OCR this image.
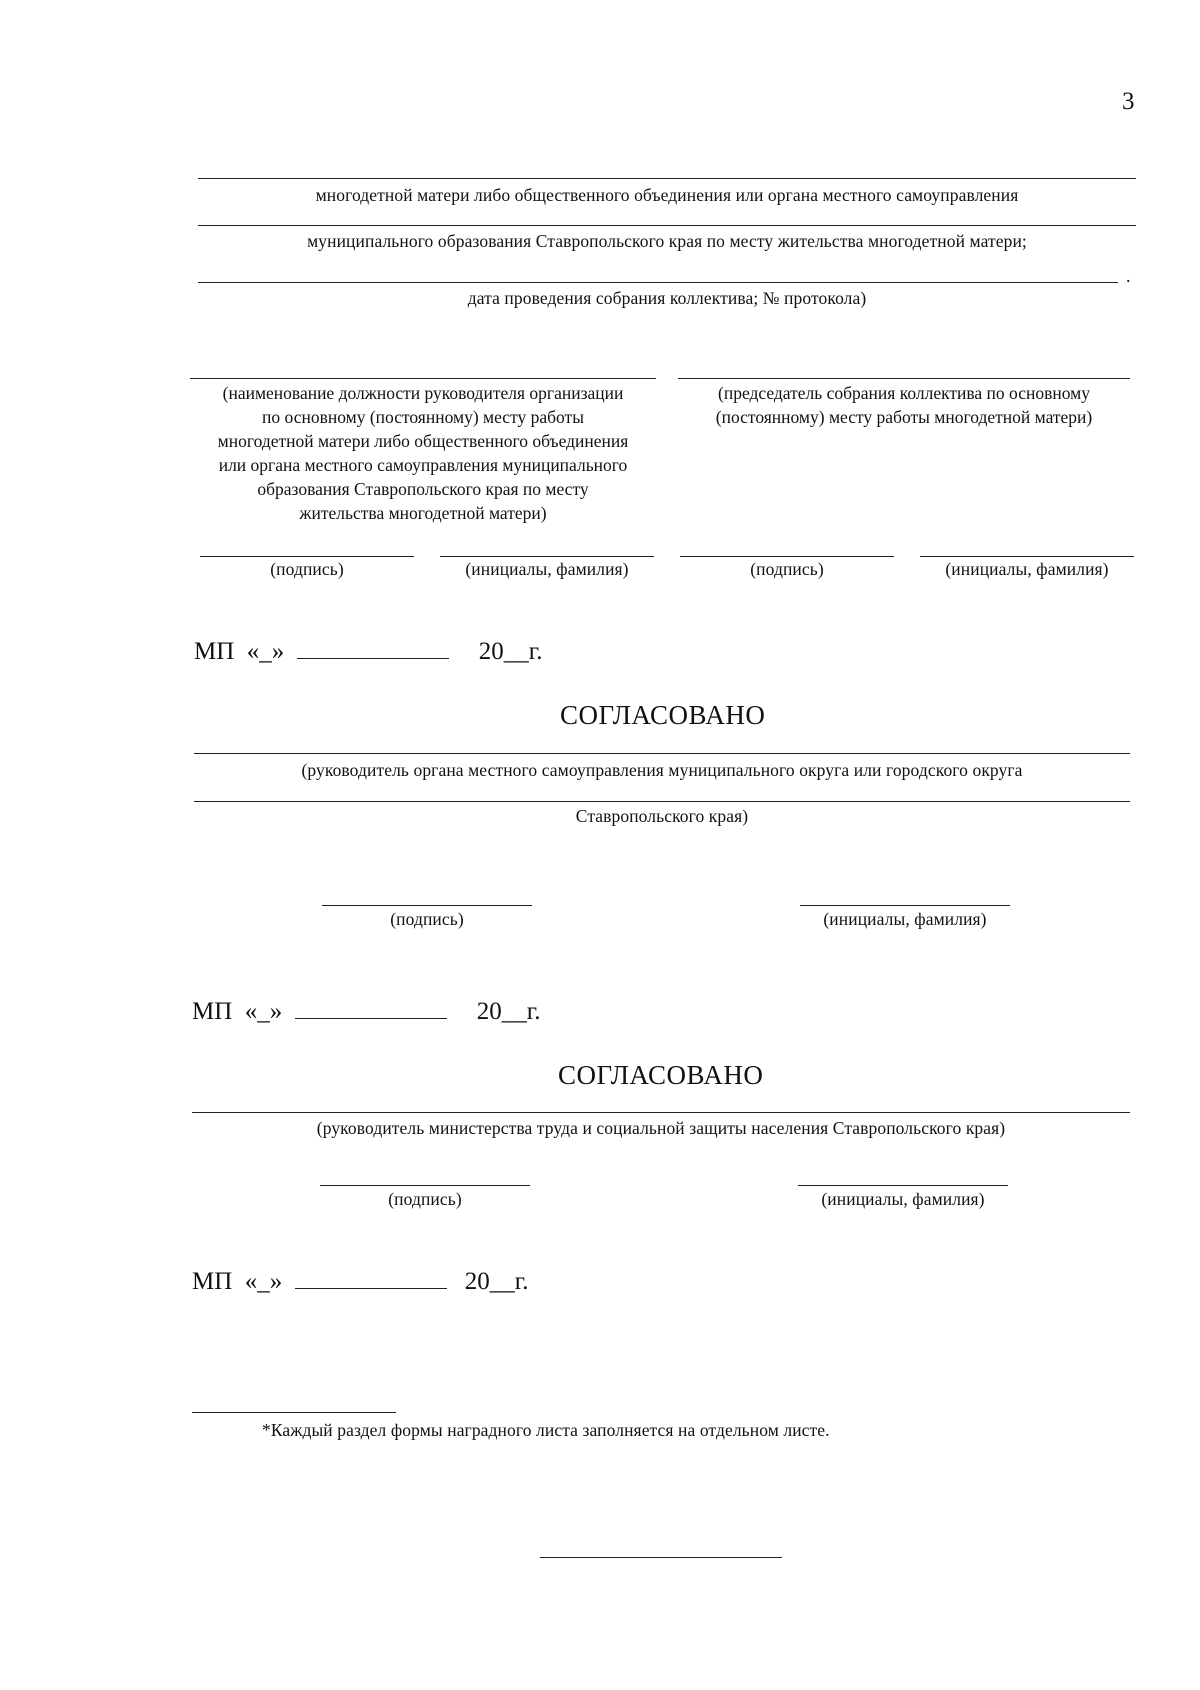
3
многодетной матери либо общественного объединения или органа местного самоуправления
муниципального образования Ставропольского края по месту жительства многодетной матери;
.
дата проведения собрания коллектива; № протокола)
(наименование должности руководителя организации
по основному (постоянному) месту работы
многодетной матери либо общественного объединения
или органа местного самоуправления муниципального
образования Ставропольского края по месту
жительства многодетной матери)
(председатель собрания коллектива по основному
(постоянному) месту работы многодетной матери)
(подпись)	(инициалы, фамилия)	(подпись)	(инициалы, фамилия)
МП «_»	20__г.
СОГЛАСОВАНО
(руководитель органа местного самоуправления муниципального округа или городского округа
Ставропольского края)
(подпись)	(инициалы, фамилия)
МП «_»	20__г.
СОГЛАСОВАНО
(руководитель министерства труда и социальной защиты населения Ставропольского края)
(подпись)	(инициалы, фамилия)
МП «_»	20__г.
*Каждый раздел формы наградного листа заполняется на отдельном листе.
